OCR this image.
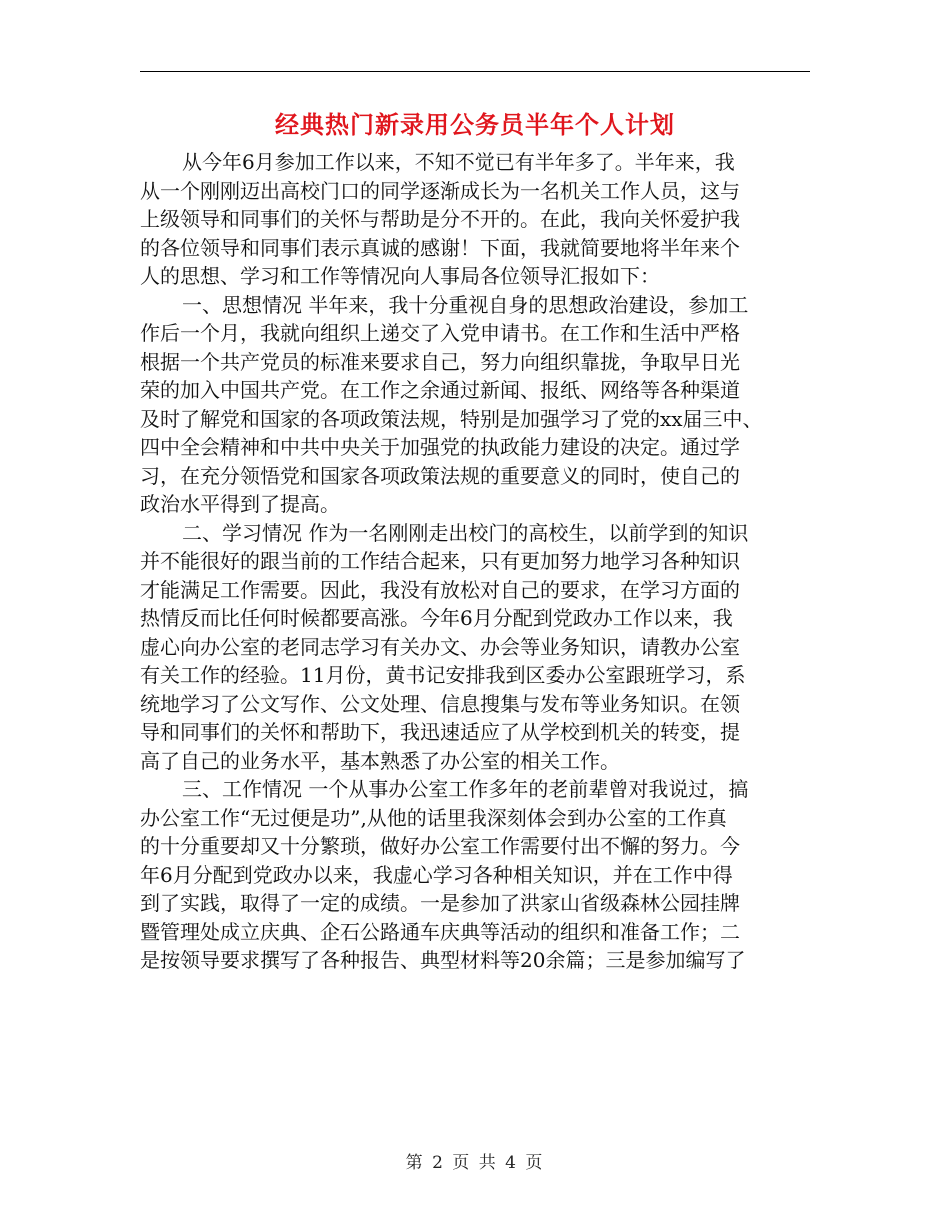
经典热门新录用公务员半年个人计划
从今年6月参加工作以来，不知不觉已有半年多了。半年来，我
从一个刚刚迈出高校门口的同学逐渐成长为一名机关工作人员，这与
上级领导和同事们的关怀与帮助是分不开的。在此，我向关怀爱护我
的各位领导和同事们表示真诚的感谢！下面，我就简要地将半年来个
人的思想、学习和工作等情况向人事局各位领导汇报如下：
一、思想情况 半年来，我十分重视自身的思想政治建设，参加工
作后一个月，我就向组织上递交了入党申请书。在工作和生活中严格
根据一个共产党员的标准来要求自己，努力向组织靠拢，争取早日光
荣的加入中国共产党。在工作之余通过新闻、报纸、网络等各种渠道
及时了解党和国家的各项政策法规，特别是加强学习了党的xx届三中、
四中全会精神和中共中央关于加强党的执政能力建设的决定。通过学
习，在充分领悟党和国家各项政策法规的重要意义的同时，使自己的
政治水平得到了提高。
二、学习情况 作为一名刚刚走出校门的高校生，以前学到的知识
并不能很好的跟当前的工作结合起来，只有更加努力地学习各种知识
才能满足工作需要。因此，我没有放松对自己的要求，在学习方面的
热情反而比任何时候都要高涨。今年6月分配到党政办工作以来，我
虚心向办公室的老同志学习有关办文、办会等业务知识，请教办公室
有关工作的经验。11月份，黄书记安排我到区委办公室跟班学习，系
统地学习了公文写作、公文处理、信息搜集与发布等业务知识。在领
导和同事们的关怀和帮助下，我迅速适应了从学校到机关的转变，提
高了自己的业务水平，基本熟悉了办公室的相关工作。
三、工作情况 一个从事办公室工作多年的老前辈曾对我说过，搞
办公室工作“无过便是功”,从他的话里我深刻体会到办公室的工作真
的十分重要却又十分繁琐，做好办公室工作需要付出不懈的努力。今
年6月分配到党政办以来，我虚心学习各种相关知识，并在工作中得
到了实践，取得了一定的成绩。一是参加了洪家山省级森林公园挂牌
暨管理处成立庆典、企石公路通车庆典等活动的组织和准备工作；二
是按领导要求撰写了各种报告、典型材料等20余篇；三是参加编写了
第 2 页 共 4 页
